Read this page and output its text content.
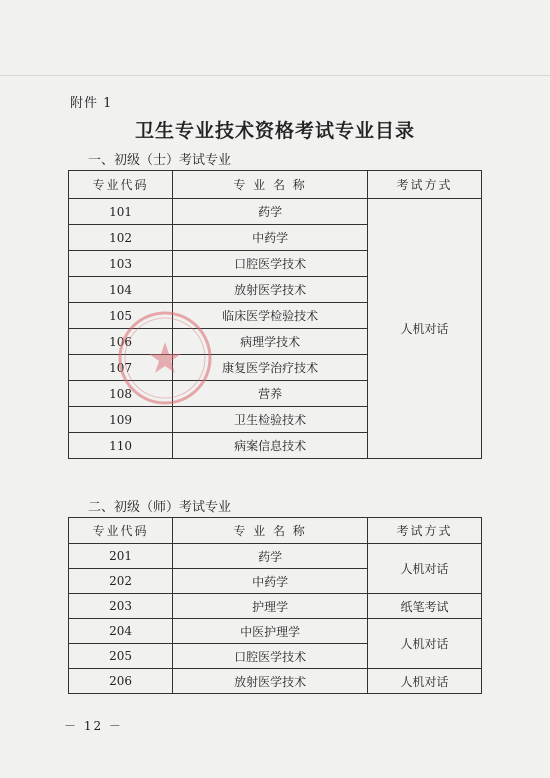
附件 1
卫生专业技术资格考试专业目录
一、初级（士）考试专业
专业代码	专 业 名 称	考试方式
101	药学	人机对话
102	中药学	
103	口腔医学技术	
104	放射医学技术	
105	临床医学检验技术	
106	病理学技术	
107	康复医学治疗技术	
108	营养	
109	卫生检验技术	
110	病案信息技术	
二、初级（师）考试专业
专业代码	专 业 名 称	考试方式
201	药学	人机对话
202	中药学	
203	护理学	纸笔考试
204	中医护理学	人机对话
205	口腔医学技术	
206	放射医学技术	人机对话
－ 12 －
